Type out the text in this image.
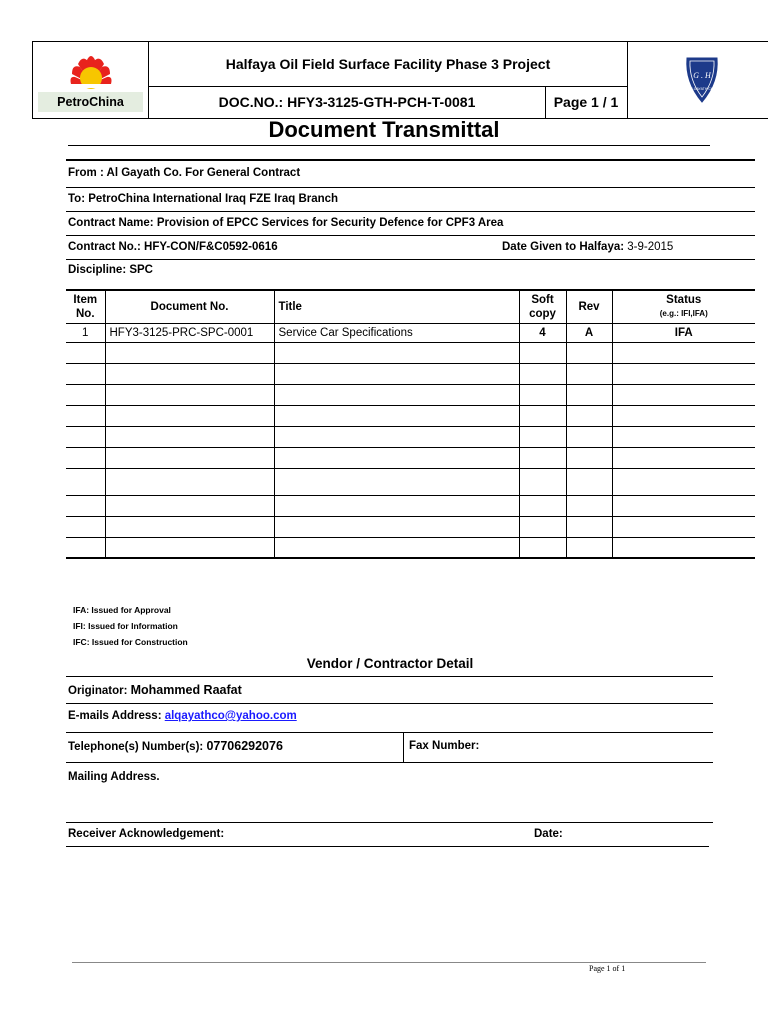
PetroChina
Halfaya Oil Field Surface Facility Phase 3 Project
DOC.NO.: HFY3-3125-GTH-PCH-T-0081	Page 1 / 1
G . H
ALGAYATH CO.
Document Transmittal
From : Al Gayath Co. For General Contract
To: PetroChina International Iraq FZE Iraq Branch
Contract Name: Provision of EPCC Services for Security Defence for CPF3 Area
Contract No.: HFY-CON/F&C0592-0616	Date Given to Halfaya: 3-9-2015
Discipline: SPC
Item No.	Document No.	Title	Soft copy	Rev	Status
(e.g.: IFI,IFA)

1	HFY3-3125-PRC-SPC-0001	Service Car Specifications	4	A	IFA

IFA: Issued for Approval
IFI: Issued for Information
IFC: Issued for Construction
Vendor / Contractor Detail
Originator: Mohammed Raafat
E-mails Address: alqayathco@yahoo.com
Telephone(s) Number(s): 07706292076	Fax Number:
Mailing Address.
Receiver Acknowledgement:	Date:
Page 1 of 1
